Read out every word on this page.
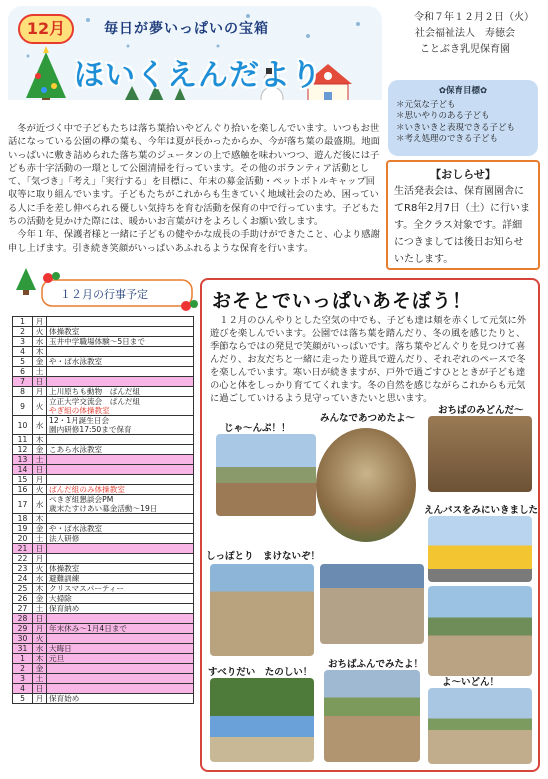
12月	毎日が夢いっぱいの宝箱
ほいくえんだより
令和７年１２月２日（火）
社会福祉法人　寿徳会
ことぶき乳児保育園
✿保育目標✿
＊元気な子ども
＊思いやりのある子ども
＊いきいきと表現できる子ども
＊考え処理のできる子ども
【おしらせ】
生活発表会は、保育園園舎にてR8年2月7日（土）に行います。全クラス対象です。詳細につきましては後日お知らせいたします。

冬が近づく中で子どもたちは落ち葉拾いやどんぐり拾いを楽しんでいます。いつもお世話になっている公園の欅の葉も、今年は夏が長かったからか、今が落ち葉の最盛期。地面いっぱいに敷き詰められた落ち葉のジュータンの上で感触を味わいつつ、遊んだ後には子ども赤十字活動の一環として公園清掃を行っています。その他のボランティア活動として、「気づき」「考え」「実行する」を目標に、年末の募金活動・ペットボトルキャップ回収等に取り組んでいます。子どもたちがこれからも生きていく地域社会のため、困っている人に手を差し伸べられる優しい気持ちを育む活動を保育の中で行っています。子どもたちの活動を見かけた際には、暖かいお言葉がけをよろしくお願い致します。

今年１年、保護者様と一緒に子どもの健やかな成長の手助けができたこと、心より感謝申し上げます。引き続き笑顔がいっぱいあふれるような保育を行います。

１２月の行事予定
1	月	

2	火	体操教室

3	水	玉井中学職場体験～5日まで

4	木	

5	金	や・ぱ水泳教室

6	土	

7	日	

8	月	上川原ちも動物　ぱんだ組

9	火	立正大学交流会　ぱんだ組
やぎ組の体操教室

10	水	12・1月誕生日会
園内研修17:50まで保育

11	木	

12	金	こあら水泳教室

13	土	

14	日	

15	月	

16	火	ぱんだ組のみ体操教室

17	水	ぺきぎ組懇談会PM
歳末たすけあい募金活動～19日

18	木	

19	金	や・ぱ水泳教室

20	土	法人研修

21	日	

22	月	

23	火	体操教室

24	水	避難訓練

25	木	クリスマスパーティー

26	金	大掃除

27	土	保育納め

28	日	

29	月	年末休み～1月4日まで

30	火	

31	水	大晦日

1	木	元旦

2	金	

3	土	

4	日	

5	月	保育始め
おそとでいっぱいあそぼう！
１２月のひんやりとした空気の中でも、子ども達は頬を赤くして元気に外遊びを楽しんでいます。公園では落ち葉を踏んだり、冬の風を感じたりと、季節ならではの発見で笑顔がいっぱいです。落ち葉やどんぐりを見つけて喜んだり、お友だちと一緒に走ったり遊具で遊んだり、それぞれのペースで冬を楽しんでいます。寒い日が続きますが、戸外で過ごすひとときが子ども達の心と体をしっかり育ててくれます。冬の自然を感じながらこれからも元気に過ごしていけるよう見守っていきたいと思います。
じゃ～んぷ！！
みんなであつめたよ～
おちばのみどんだ～
えんバスをみにいきました
しっぽとり　まけないぞ！
すべりだい　たのしい！
おちばふんでみたよ！
よ～いどん！
